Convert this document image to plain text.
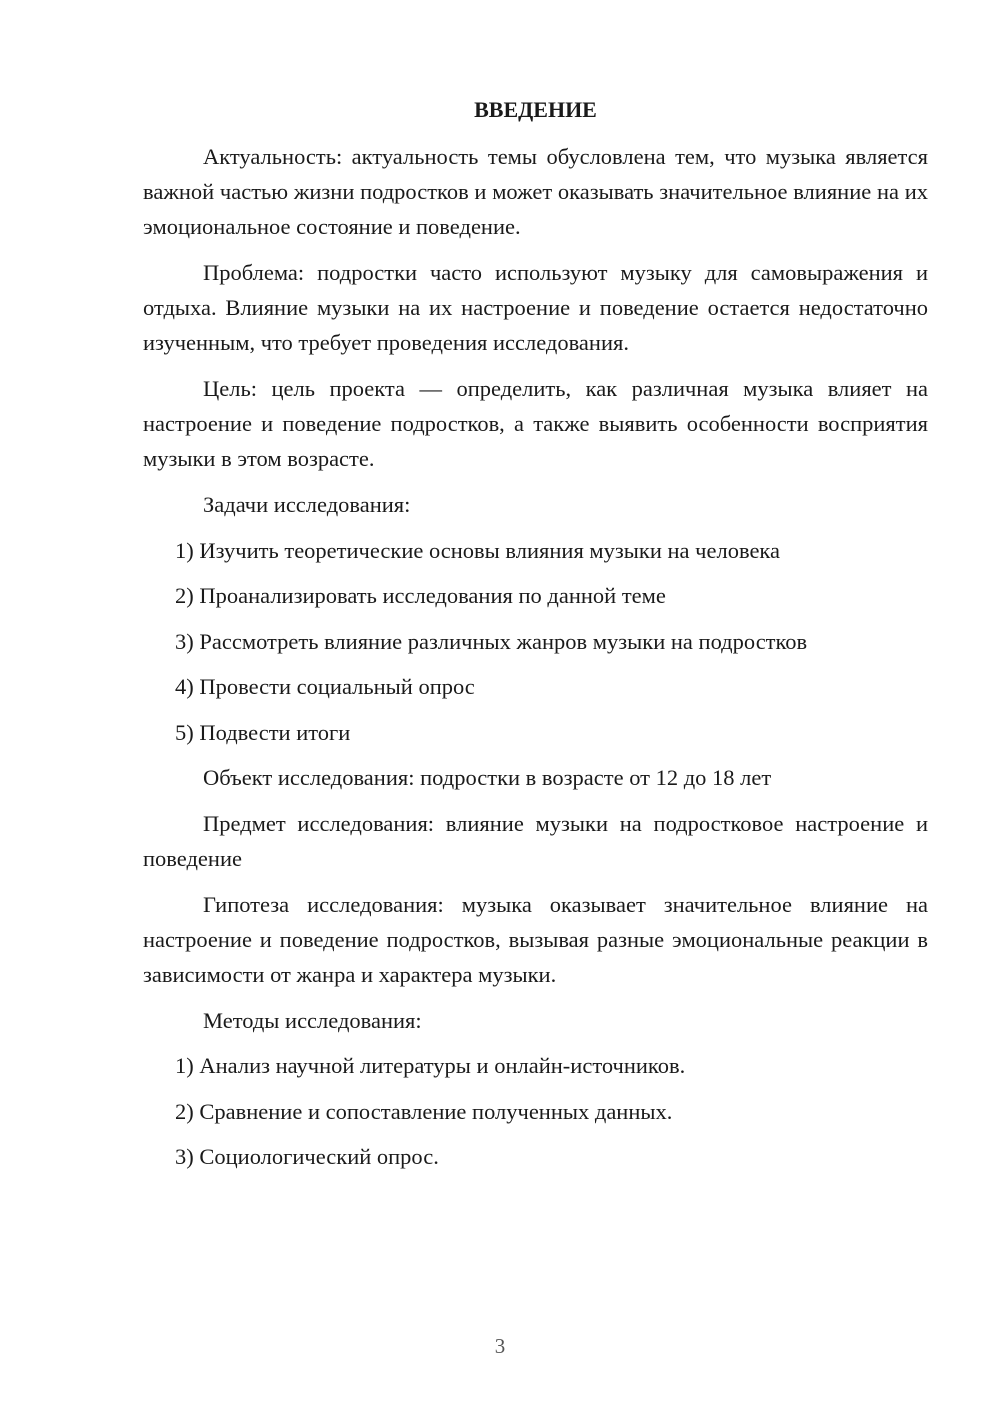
ВВЕДЕНИЕ

Актуальность: актуальность темы обусловлена тем, что музыка является важной частью жизни подростков и может оказывать значительное влияние на их эмоциональное состояние и поведение.

Проблема: подростки часто используют музыку для самовыражения и отдыха. Влияние музыки на их настроение и поведение остается недостаточно изученным, что требует проведения исследования.

Цель: цель проекта — определить, как различная музыка влияет на настроение и поведение подростков, а также выявить особенности восприятия музыки в этом возрасте.

Задачи исследования:

1) Изучить теоретические основы влияния музыки на человека
2) Проанализировать исследования по данной теме
3) Рассмотреть влияние различных жанров музыки на подростков
4) Провести социальный опрос
5) Подвести итоги

Объект исследования: подростки в возрасте от 12 до 18 лет

Предмет исследования: влияние музыки на подростковое настроение и поведение

Гипотеза исследования: музыка оказывает значительное влияние на настроение и поведение подростков, вызывая разные эмоциональные реакции в зависимости от жанра и характера музыки.

Методы исследования:

1) Анализ научной литературы и онлайн-источников.
2) Сравнение и сопоставление полученных данных.
3) Социологический опрос.
3
